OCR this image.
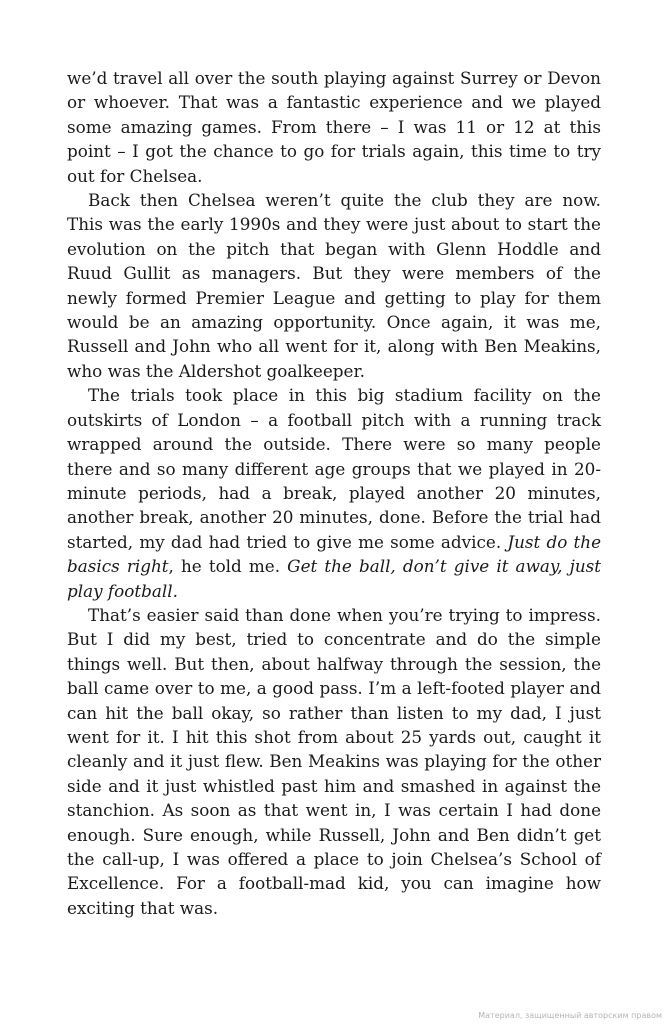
we’d travel all over the south playing against Surrey or Devon or whoever. That was a fantastic experience and we played some amazing games. From there – I was 11 or 12 at this point – I got the chance to go for trials again, this time to try out for Chelsea.

Back then Chelsea weren’t quite the club they are now. This was the early 1990s and they were just about to start the evolution on the pitch that began with Glenn Hoddle and Ruud Gullit as managers. But they were members of the newly formed Premier League and getting to play for them would be an amazing opportunity. Once again, it was me, Russell and John who all went for it, along with Ben Meakins, who was the Aldershot goalkeeper.

The trials took place in this big stadium facility on the outskirts of London – a football pitch with a running track wrapped around the outside. There were so many people there and so many different age groups that we played in 20-minute periods, had a break, played another 20 minutes, another break, another 20 minutes, done. Before the trial had started, my dad had tried to give me some advice. Just do the basics right, he told me. Get the ball, don’t give it away, just play football.

That’s easier said than done when you’re trying to impress. But I did my best, tried to concentrate and do the simple things well. But then, about halfway through the session, the ball came over to me, a good pass. I’m a left-footed player and can hit the ball okay, so rather than listen to my dad, I just went for it. I hit this shot from about 25 yards out, caught it cleanly and it just flew. Ben Meakins was playing for the other side and it just whistled past him and smashed in against the stanchion. As soon as that went in, I was certain I had done enough. Sure enough, while Russell, John and Ben didn’t get the call-up, I was offered a place to join Chelsea’s School of Excellence. For a football-mad kid, you can imagine how exciting that was.

Материал, защищенный авторским правом
